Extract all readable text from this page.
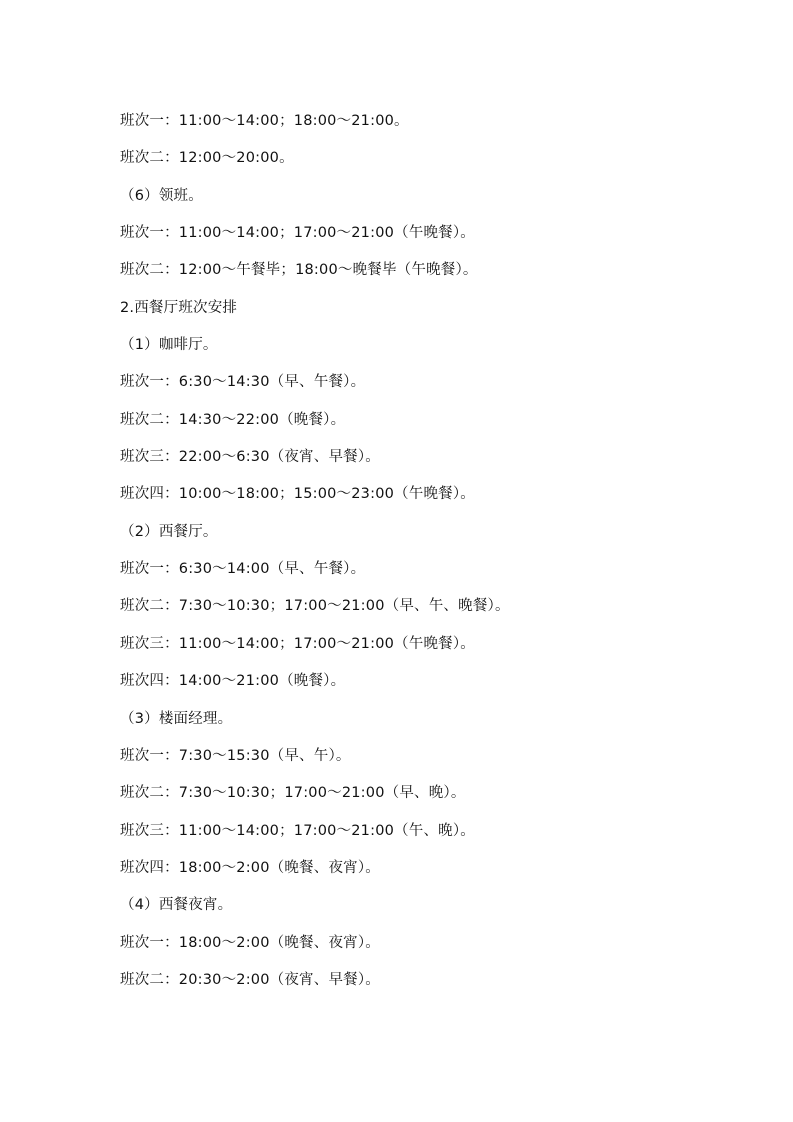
班次一：11:00～14:00；18:00～21:00。
班次二：12:00～20:00。
（6）领班。
班次一：11:00～14:00；17:00～21:00（午晚餐）。
班次二：12:00～午餐毕；18:00～晚餐毕（午晚餐）。
2.西餐厅班次安排
（1）咖啡厅。
班次一：6:30～14:30（早、午餐）。
班次二：14:30～22:00（晚餐）。
班次三：22:00～6:30（夜宵、早餐）。
班次四：10:00～18:00；15:00～23:00（午晚餐）。
（2）西餐厅。
班次一：6:30～14:00（早、午餐）。
班次二：7:30～10:30；17:00～21:00（早、午、晚餐）。
班次三：11:00～14:00；17:00～21:00（午晚餐）。
班次四：14:00～21:00（晚餐）。
（3）楼面经理。
班次一：7:30～15:30（早、午）。
班次二：7:30～10:30；17:00～21:00（早、晚）。
班次三：11:00～14:00；17:00～21:00（午、晚）。
班次四：18:00～2:00（晚餐、夜宵）。
（4）西餐夜宵。
班次一：18:00～2:00（晚餐、夜宵）。
班次二：20:30～2:00（夜宵、早餐）。
